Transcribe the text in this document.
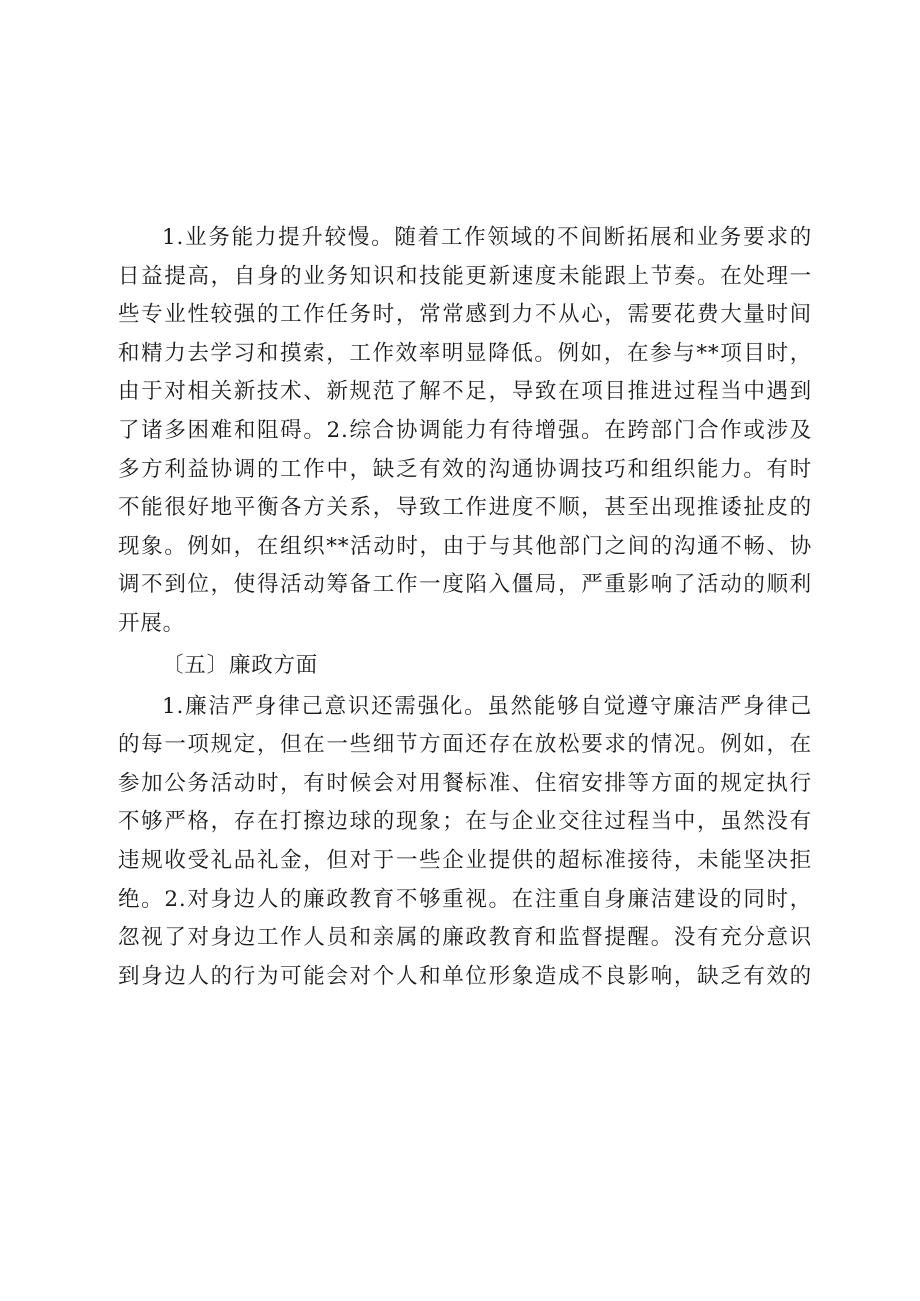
1.业务能力提升较慢。随着工作领域的不间断拓展和业务要求的
日益提高，自身的业务知识和技能更新速度未能跟上节奏。在处理一
些专业性较强的工作任务时，常常感到力不从心，需要花费大量时间
和精力去学习和摸索，工作效率明显降低。例如，在参与**项目时，
由于对相关新技术、新规范了解不足，导致在项目推进过程当中遇到
了诸多困难和阻碍。2.综合协调能力有待增强。在跨部门合作或涉及
多方利益协调的工作中，缺乏有效的沟通协调技巧和组织能力。有时
不能很好地平衡各方关系，导致工作进度不顺，甚至出现推诿扯皮的
现象。例如，在组织**活动时，由于与其他部门之间的沟通不畅、协
调不到位，使得活动筹备工作一度陷入僵局，严重影响了活动的顺利
开展。
〔五〕廉政方面
1.廉洁严身律己意识还需强化。虽然能够自觉遵守廉洁严身律己
的每一项规定，但在一些细节方面还存在放松要求的情况。例如，在
参加公务活动时，有时候会对用餐标准、住宿安排等方面的规定执行
不够严格，存在打擦边球的现象；在与企业交往过程当中，虽然没有
违规收受礼品礼金，但对于一些企业提供的超标准接待，未能坚决拒
绝。2.对身边人的廉政教育不够重视。在注重自身廉洁建设的同时，
忽视了对身边工作人员和亲属的廉政教育和监督提醒。没有充分意识
到身边人的行为可能会对个人和单位形象造成不良影响，缺乏有效的
